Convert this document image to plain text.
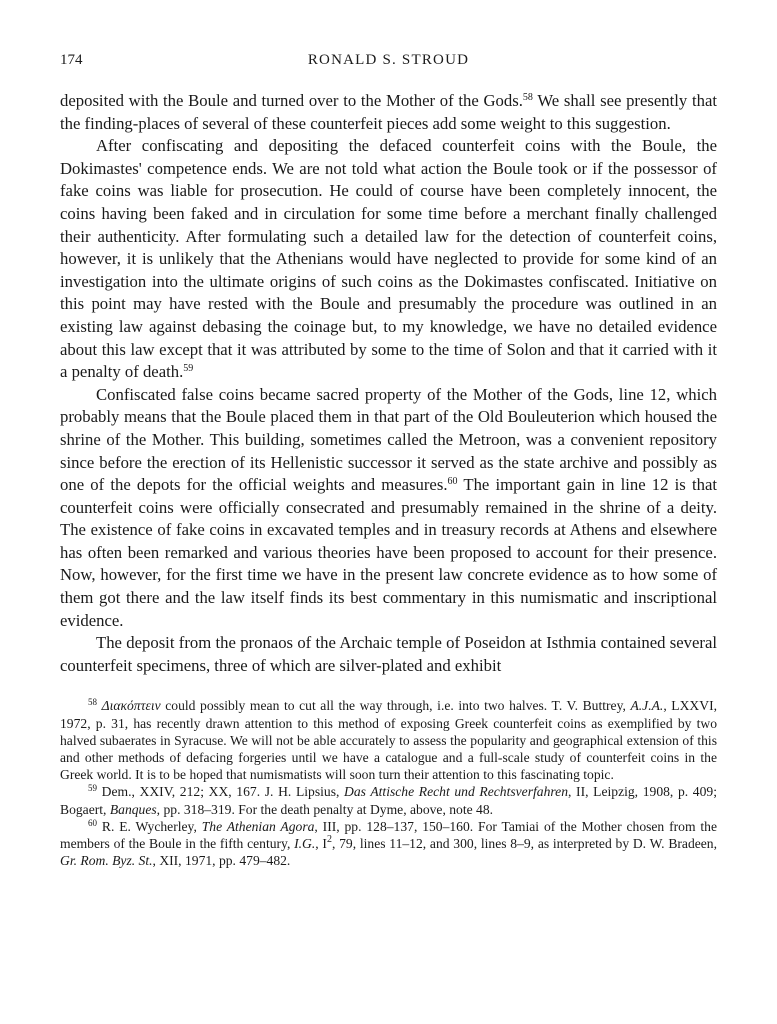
174	RONALD S. STROUD

deposited with the Boule and turned over to the Mother of the Gods.$^{58}$ We shall see presently that the finding-places of several of these counterfeit pieces add some weight to this suggestion.

After confiscating and depositing the defaced counterfeit coins with the Boule, the Dokimastes' competence ends. We are not told what action the Boule took or if the possessor of fake coins was liable for prosecution. He could of course have been completely innocent, the coins having been faked and in circulation for some time before a merchant finally challenged their authenticity. After formulating such a detailed law for the detection of counterfeit coins, however, it is unlikely that the Athenians would have neglected to provide for some kind of an investigation into the ultimate origins of such coins as the Dokimastes confiscated. Initiative on this point may have rested with the Boule and presumably the procedure was outlined in an existing law against debasing the coinage but, to my knowledge, we have no detailed evidence about this law except that it was attributed by some to the time of Solon and that it carried with it a penalty of death.$^{59}$

Confiscated false coins became sacred property of the Mother of the Gods, line 12, which probably means that the Boule placed them in that part of the Old Bouleuterion which housed the shrine of the Mother. This building, sometimes called the Metroon, was a convenient repository since before the erection of its Hellenistic successor it served as the state archive and possibly as one of the depots for the official weights and measures.$^{60}$ The important gain in line 12 is that counterfeit coins were officially consecrated and presumably remained in the shrine of a deity. The existence of fake coins in excavated temples and in treasury records at Athens and elsewhere has often been remarked and various theories have been proposed to account for their presence. Now, however, for the first time we have in the present law concrete evidence as to how some of them got there and the law itself finds its best commentary in this numismatic and inscriptional evidence.

The deposit from the pronaos of the Archaic temple of Poseidon at Isthmia contained several counterfeit specimens, three of which are silver-plated and exhibit

$^{58}$ Διακόπτειν could possibly mean to cut all the way through, i.e. into two halves. T. V. Buttrey, A.J.A., LXXVI, 1972, p. 31, has recently drawn attention to this method of exposing Greek counterfeit coins as exemplified by two halved subaerates in Syracuse. We will not be able accurately to assess the popularity and geographical extension of this and other methods of defacing forgeries until we have a catalogue and a full-scale study of counterfeit coins in the Greek world. It is to be hoped that numismatists will soon turn their attention to this fascinating topic.

$^{59}$ Dem., XXIV, 212; XX, 167. J. H. Lipsius, Das Attische Recht und Rechtsverfahren, II, Leipzig, 1908, p. 409; Bogaert, Banques, pp. 318–319. For the death penalty at Dyme, above, note 48.

$^{60}$ R. E. Wycherley, The Athenian Agora, III, pp. 128–137, 150–160. For Tamiai of the Mother chosen from the members of the Boule in the fifth century, I.G., $I^2$, 79, lines 11–12, and 300, lines 8–9, as interpreted by D. W. Bradeen, Gr. Rom. Byz. St., XII, 1971, pp. 479–482.
